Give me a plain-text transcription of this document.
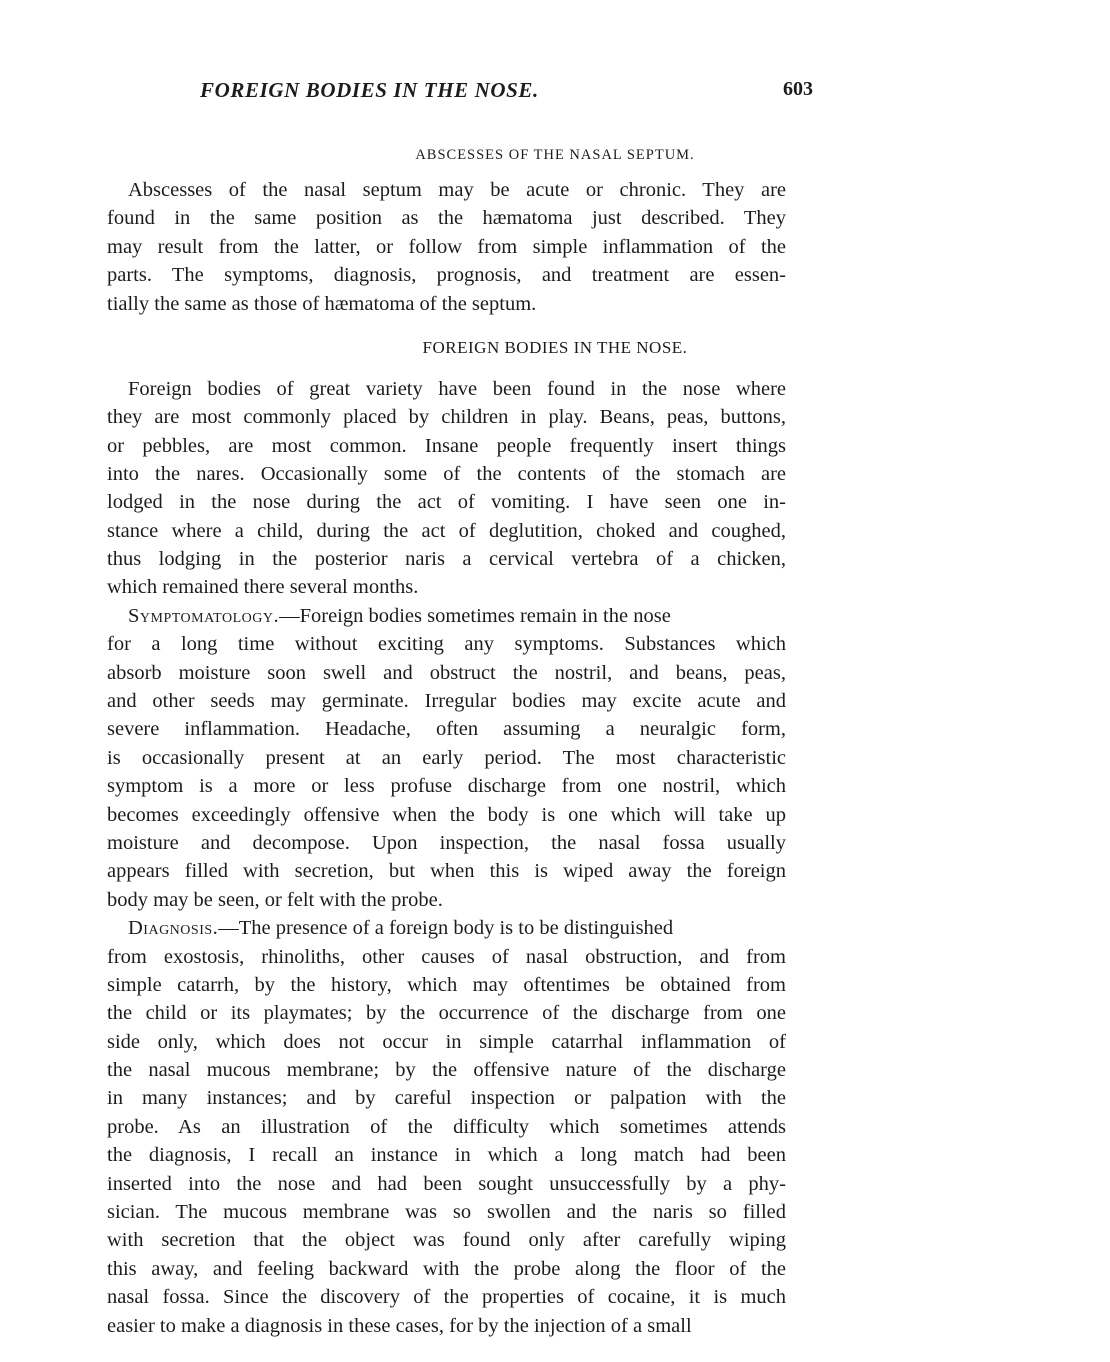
FOREIGN BODIES IN THE NOSE.	603
ABSCESSES OF THE NASAL SEPTUM.
Abscesses of the nasal septum may be acute or chronic. They are
found in the same position as the hæmatoma just described. They
may result from the latter, or follow from simple inflammation of the
parts. The symptoms, diagnosis, prognosis, and treatment are essen-
tially the same as those of hæmatoma of the septum.
FOREIGN BODIES IN THE NOSE.
Foreign bodies of great variety have been found in the nose where
they are most commonly placed by children in play. Beans, peas, buttons,
or pebbles, are most common. Insane people frequently insert things
into the nares. Occasionally some of the contents of the stomach are
lodged in the nose during the act of vomiting. I have seen one in-
stance where a child, during the act of deglutition, choked and coughed,
thus lodging in the posterior naris a cervical vertebra of a chicken,
which remained there several months.
Symptomatology.—Foreign bodies sometimes remain in the nose
for a long time without exciting any symptoms. Substances which
absorb moisture soon swell and obstruct the nostril, and beans, peas,
and other seeds may germinate. Irregular bodies may excite acute and
severe inflammation. Headache, often assuming a neuralgic form,
is occasionally present at an early period. The most characteristic
symptom is a more or less profuse discharge from one nostril, which
becomes exceedingly offensive when the body is one which will take up
moisture and decompose. Upon inspection, the nasal fossa usually
appears filled with secretion, but when this is wiped away the foreign
body may be seen, or felt with the probe.
Diagnosis.—The presence of a foreign body is to be distinguished
from exostosis, rhinoliths, other causes of nasal obstruction, and from
simple catarrh, by the history, which may oftentimes be obtained from
the child or its playmates; by the occurrence of the discharge from one
side only, which does not occur in simple catarrhal inflammation of
the nasal mucous membrane; by the offensive nature of the discharge
in many instances; and by careful inspection or palpation with the
probe. As an illustration of the difficulty which sometimes attends
the diagnosis, I recall an instance in which a long match had been
inserted into the nose and had been sought unsuccessfully by a phy-
sician. The mucous membrane was so swollen and the naris so filled
with secretion that the object was found only after carefully wiping
this away, and feeling backward with the probe along the floor of the
nasal fossa. Since the discovery of the properties of cocaine, it is much
easier to make a diagnosis in these cases, for by the injection of a small
